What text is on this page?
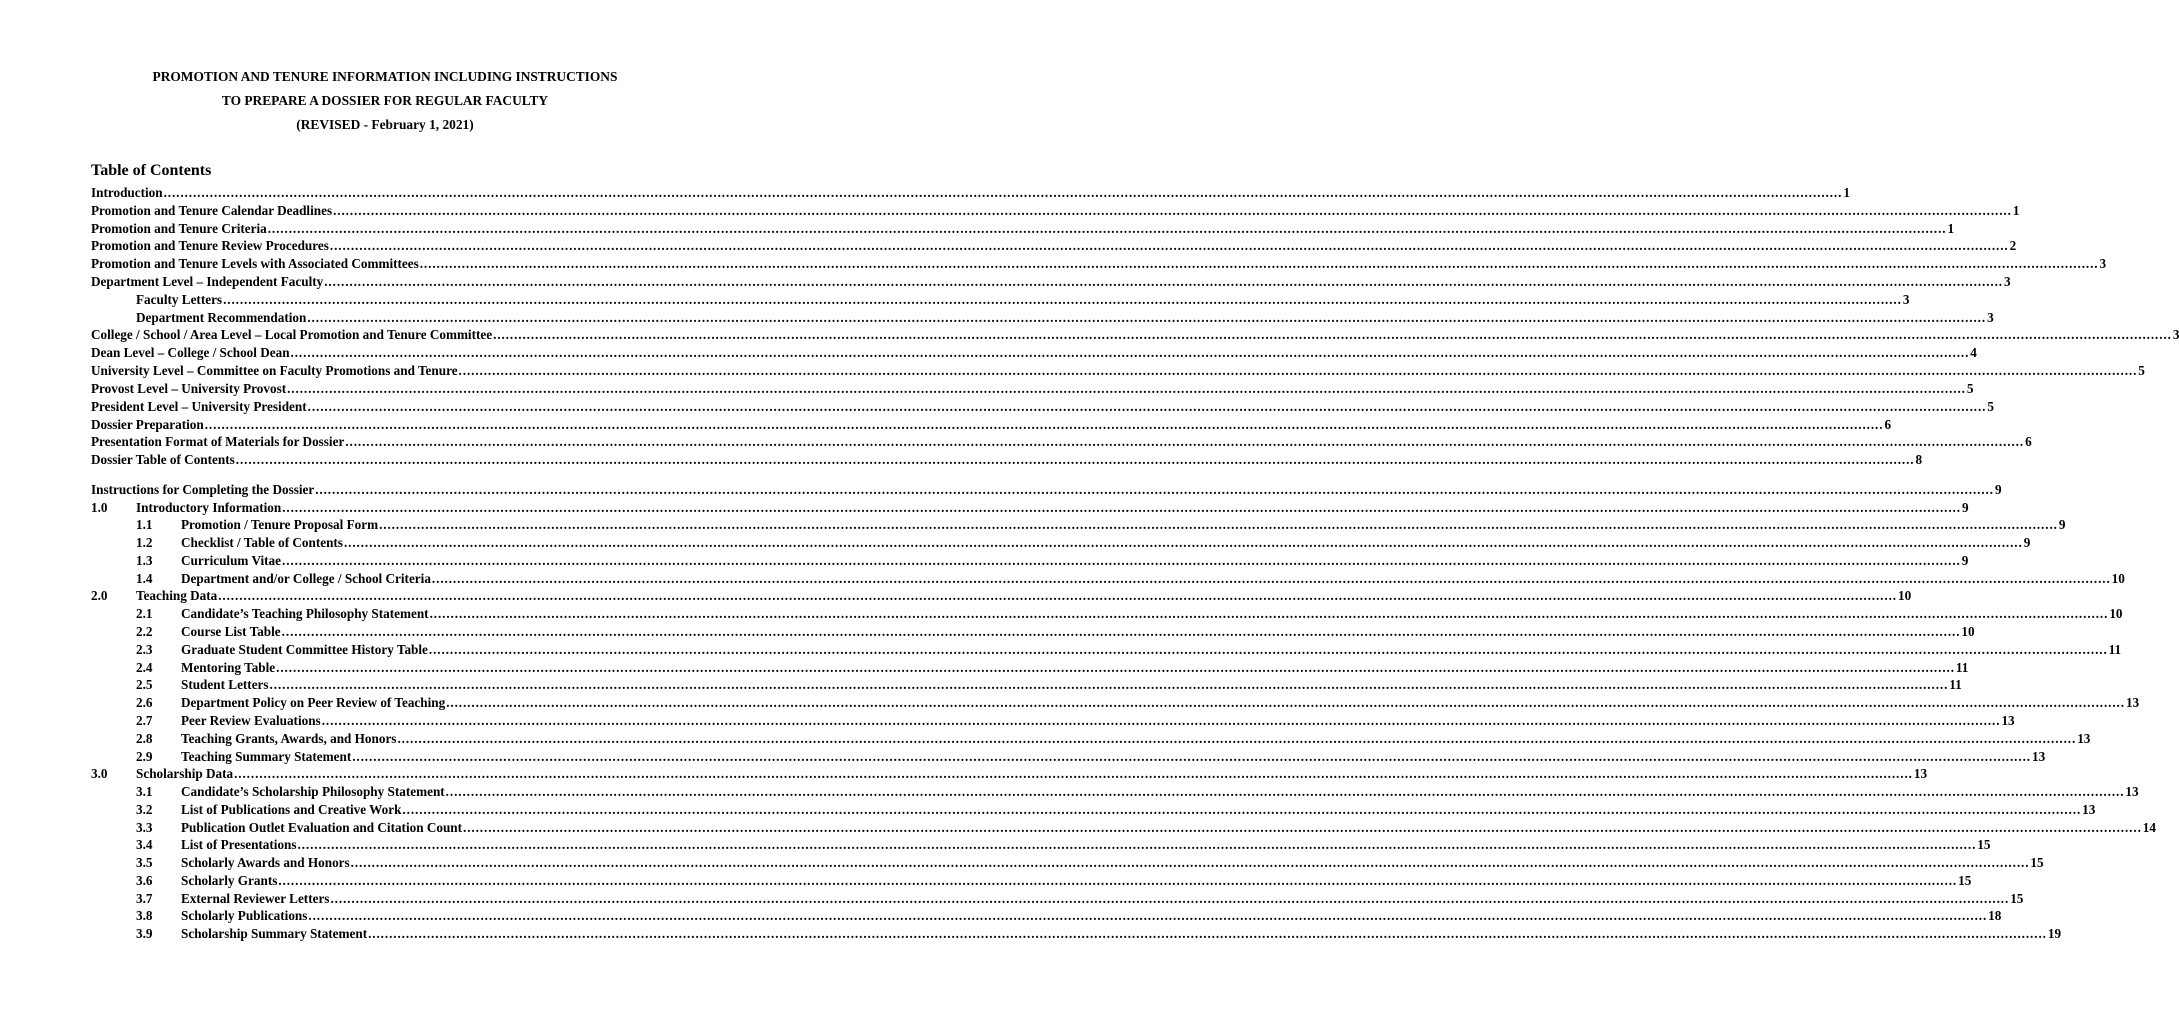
PROMOTION AND TENURE INFORMATION INCLUDING INSTRUCTIONS
TO PREPARE A DOSSIER FOR REGULAR FACULTY
(REVISED - February 1, 2021)
Table of Contents
Introduction ................................................................................................................................................................................................................................................................................................................................................................................................................ 1
Promotion and Tenure Calendar Deadlines ................................................................................................................................................................................................................................................................................................................................................................................................................ 1
Promotion and Tenure Criteria ................................................................................................................................................................................................................................................................................................................................................................................................................ 1
Promotion and Tenure Review Procedures ................................................................................................................................................................................................................................................................................................................................................................................................................ 2
Promotion and Tenure Levels with Associated Committees ................................................................................................................................................................................................................................................................................................................................................................................................................ 3
Department Level – Independent Faculty ................................................................................................................................................................................................................................................................................................................................................................................................................ 3
Faculty Letters ................................................................................................................................................................................................................................................................................................................................................................................................................ 3
Department Recommendation ................................................................................................................................................................................................................................................................................................................................................................................................................ 3
College / School / Area Level – Local Promotion and Tenure Committee ................................................................................................................................................................................................................................................................................................................................................................................................................ 3
Dean Level – College / School Dean ................................................................................................................................................................................................................................................................................................................................................................................................................ 4
University Level – Committee on Faculty Promotions and Tenure ................................................................................................................................................................................................................................................................................................................................................................................................................ 5
Provost Level – University Provost ................................................................................................................................................................................................................................................................................................................................................................................................................ 5
President Level – University President ................................................................................................................................................................................................................................................................................................................................................................................................................ 5
Dossier Preparation ................................................................................................................................................................................................................................................................................................................................................................................................................ 6
Presentation Format of Materials for Dossier ................................................................................................................................................................................................................................................................................................................................................................................................................ 6
Dossier Table of Contents ................................................................................................................................................................................................................................................................................................................................................................................................................ 8
Instructions for Completing the Dossier ................................................................................................................................................................................................................................................................................................................................................................................................................ 9
1.0 Introductory Information ................................................................................................................................................................................................................................................................................................................................................................................................................ 9
1.1 Promotion / Tenure Proposal Form ................................................................................................................................................................................................................................................................................................................................................................................................................ 9
1.2 Checklist / Table of Contents ................................................................................................................................................................................................................................................................................................................................................................................................................ 9
1.3 Curriculum Vitae ................................................................................................................................................................................................................................................................................................................................................................................................................ 9
1.4 Department and/or College / School Criteria ................................................................................................................................................................................................................................................................................................................................................................................................................ 10
2.0 Teaching Data ................................................................................................................................................................................................................................................................................................................................................................................................................ 10
2.1 Candidate’s Teaching Philosophy Statement ................................................................................................................................................................................................................................................................................................................................................................................................................ 10
2.2 Course List Table ................................................................................................................................................................................................................................................................................................................................................................................................................ 10
2.3 Graduate Student Committee History Table ................................................................................................................................................................................................................................................................................................................................................................................................................ 11
2.4 Mentoring Table ................................................................................................................................................................................................................................................................................................................................................................................................................ 11
2.5 Student Letters ................................................................................................................................................................................................................................................................................................................................................................................................................ 11
2.6 Department Policy on Peer Review of Teaching ................................................................................................................................................................................................................................................................................................................................................................................................................ 13
2.7 Peer Review Evaluations ................................................................................................................................................................................................................................................................................................................................................................................................................ 13
2.8 Teaching Grants, Awards, and Honors ................................................................................................................................................................................................................................................................................................................................................................................................................ 13
2.9 Teaching Summary Statement ................................................................................................................................................................................................................................................................................................................................................................................................................ 13
3.0 Scholarship Data ................................................................................................................................................................................................................................................................................................................................................................................................................ 13
3.1 Candidate’s Scholarship Philosophy Statement ................................................................................................................................................................................................................................................................................................................................................................................................................ 13
3.2 List of Publications and Creative Work ................................................................................................................................................................................................................................................................................................................................................................................................................ 13
3.3 Publication Outlet Evaluation and Citation Count ................................................................................................................................................................................................................................................................................................................................................................................................................ 14
3.4 List of Presentations ................................................................................................................................................................................................................................................................................................................................................................................................................ 15
3.5 Scholarly Awards and Honors ................................................................................................................................................................................................................................................................................................................................................................................................................ 15
3.6 Scholarly Grants ................................................................................................................................................................................................................................................................................................................................................................................................................ 15
3.7 External Reviewer Letters ................................................................................................................................................................................................................................................................................................................................................................................................................ 15
3.8 Scholarly Publications ................................................................................................................................................................................................................................................................................................................................................................................................................ 18
3.9 Scholarship Summary Statement ................................................................................................................................................................................................................................................................................................................................................................................................................ 19
